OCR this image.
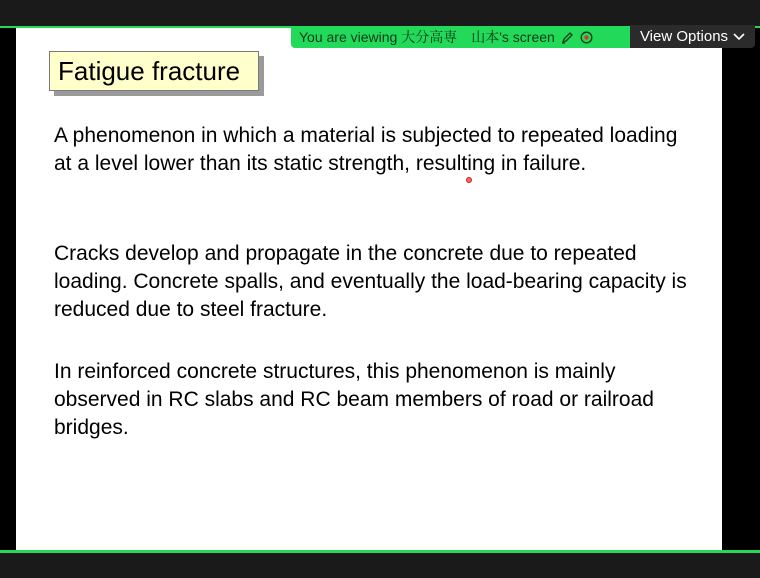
Fatigue fracture

A phenomenon in which a material is subjected to repeated loading at a level lower than its static strength, resulting in failure.

Cracks develop and propagate in the concrete due to repeated loading. Concrete spalls, and eventually the load-bearing capacity is reduced due to steel fracture.

In reinforced concrete structures, this phenomenon is mainly observed in RC slabs and RC beam members of road or railroad bridges.

You are viewing 大分高専　山本's screen	View Options
